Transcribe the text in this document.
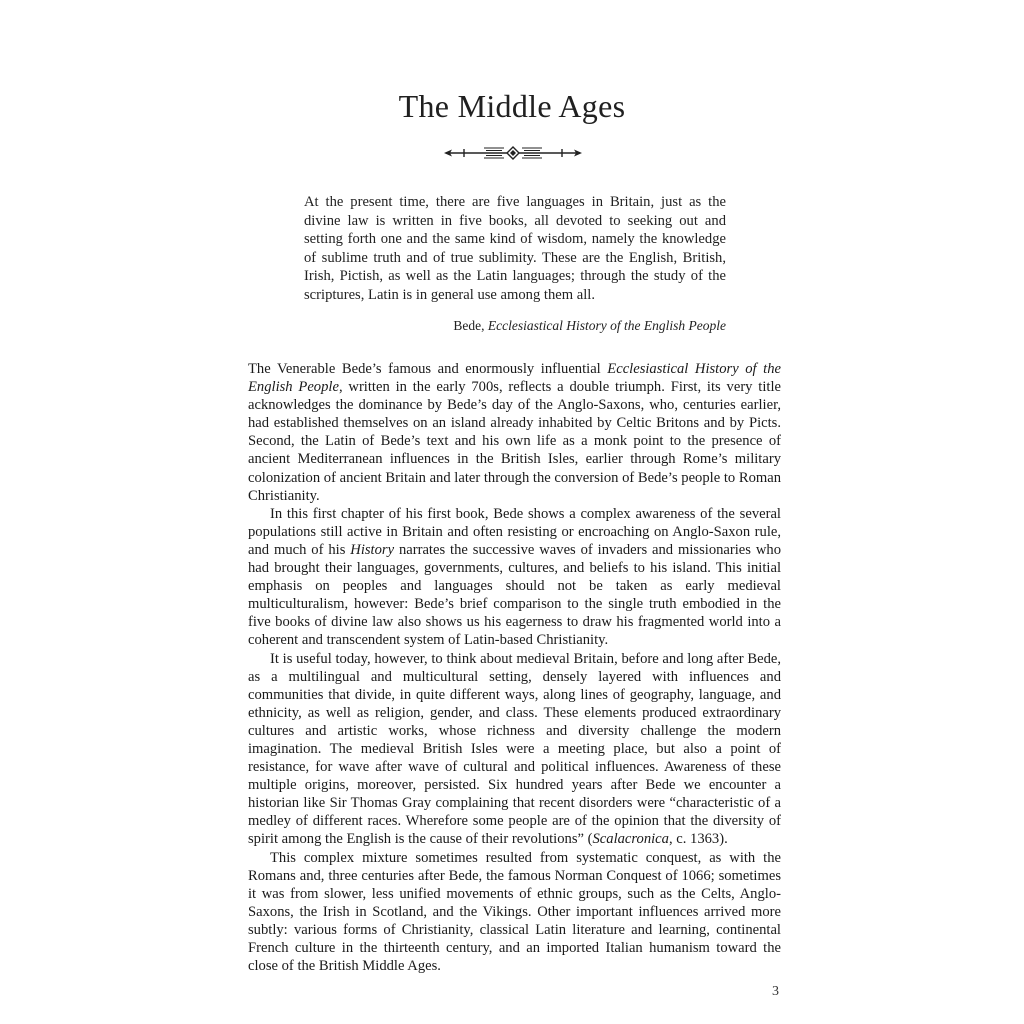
The Middle Ages

At the present time, there are five languages in Britain, just as the divine law is written in five books, all devoted to seeking out and setting forth one and the same kind of wisdom, namely the knowledge of sublime truth and of true sublimity. These are the English, British, Irish, Pictish, as well as the Latin languages; through the study of the scriptures, Latin is in general use among them all.

Bede, Ecclesiastical History of the English People

The Venerable Bede’s famous and enormously influential Ecclesiastical History of the English People, written in the early 700s, reflects a double triumph. First, its very title acknowledges the dominance by Bede’s day of the Anglo-Saxons, who, centuries earlier, had established themselves on an island already inhabited by Celtic Britons and by Picts. Second, the Latin of Bede’s text and his own life as a monk point to the presence of ancient Mediterranean influences in the British Isles, earlier through Rome’s military colonization of ancient Britain and later through the conversion of Bede’s people to Roman Christianity.

In this first chapter of his first book, Bede shows a complex awareness of the several populations still active in Britain and often resisting or encroaching on Anglo-Saxon rule, and much of his History narrates the successive waves of invaders and missionaries who had brought their languages, governments, cultures, and beliefs to his island. This initial emphasis on peoples and languages should not be taken as early medieval multiculturalism, however: Bede’s brief comparison to the single truth embodied in the five books of divine law also shows us his eagerness to draw his fragmented world into a coherent and transcendent system of Latin-based Christianity.

It is useful today, however, to think about medieval Britain, before and long after Bede, as a multilingual and multicultural setting, densely layered with influences and communities that divide, in quite different ways, along lines of geography, language, and ethnicity, as well as religion, gender, and class. These elements produced extraordinary cultures and artistic works, whose richness and diversity challenge the modern imagination. The medieval British Isles were a meeting place, but also a point of resistance, for wave after wave of cultural and political influences. Awareness of these multiple origins, moreover, persisted. Six hundred years after Bede we encounter a historian like Sir Thomas Gray complaining that recent disorders were “characteristic of a medley of different races. Wherefore some people are of the opinion that the diversity of spirit among the English is the cause of their revolutions” (Scalacronica, c. 1363).

This complex mixture sometimes resulted from systematic conquest, as with the Romans and, three centuries after Bede, the famous Norman Conquest of 1066; sometimes it was from slower, less unified movements of ethnic groups, such as the Celts, Anglo-Saxons, the Irish in Scotland, and the Vikings. Other important influences arrived more subtly: various forms of Christianity, classical Latin literature and learning, continental French culture in the thirteenth century, and an imported Italian humanism toward the close of the British Middle Ages.

3
